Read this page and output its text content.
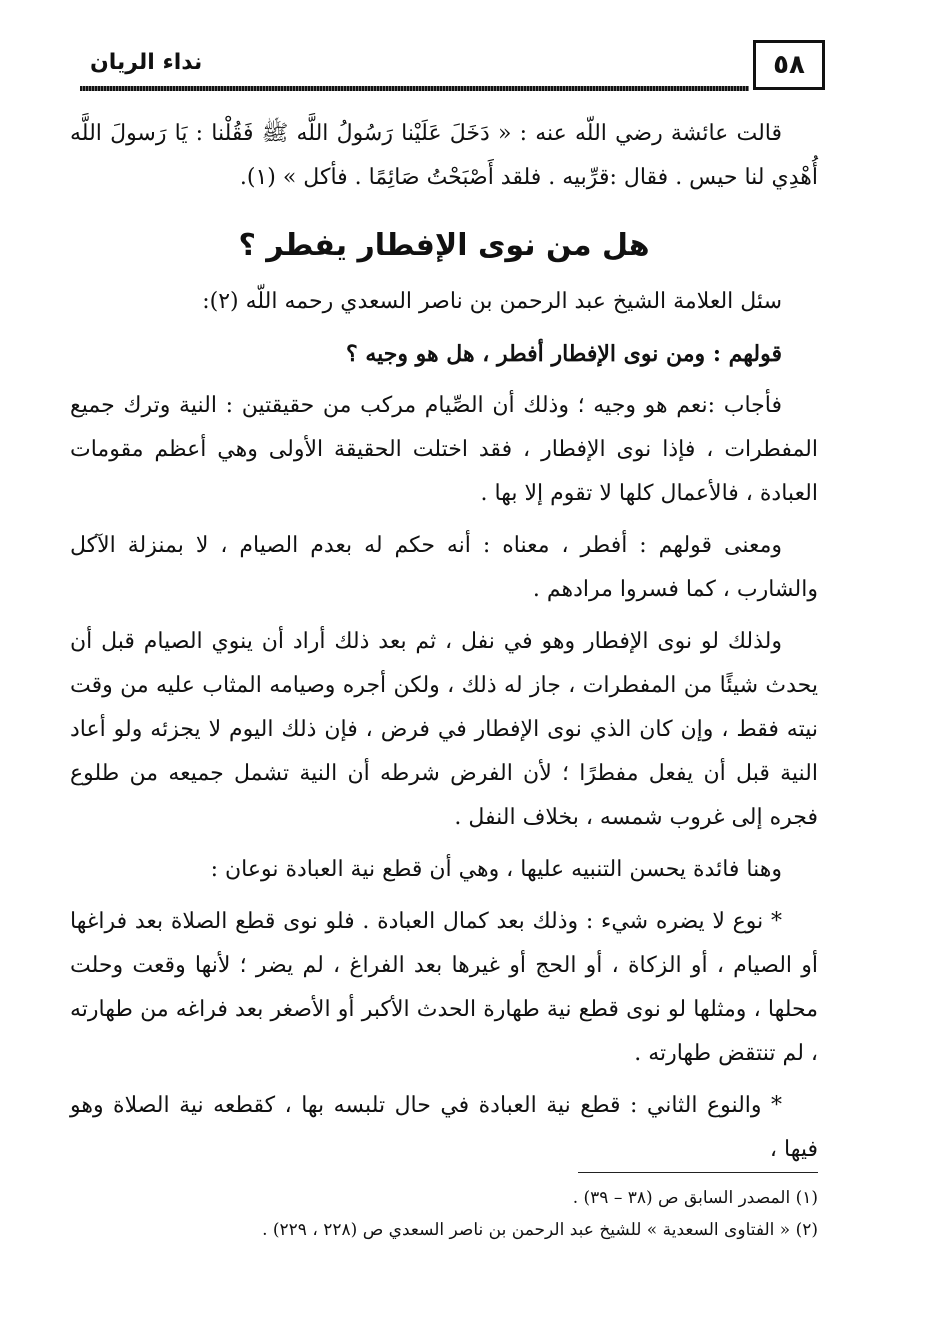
٥٨
نداء الريان

قالت عائشة رضي اللّه عنه : « دَخَلَ عَلَيْنا رَسُولُ اللَّه ﷺ فَقُلْنا : يَا رَسولَ اللَّه أُهْدِي لنا حيس . فقال :قرِّبيه . فلقد أَصْبَحْتُ صَائِمًا . فأكل » (١).

هل من نوى الإفطار يفطر ؟

سئل العلامة الشيخ عبد الرحمن بن ناصر السعدي رحمه اللّه (٢):

قولهم : ومن نوى الإفطار أفطر ، هل هو وجيه ؟

فأجاب :نعم هو وجيه ؛ وذلك أن الصِّيام مركب من حقيقتين : النية وترك جميع المفطرات ، فإذا نوى الإفطار ، فقد اختلت الحقيقة الأولى وهي أعظم مقومات العبادة ، فالأعمال كلها لا تقوم إلا بها .

ومعنى قولهم : أفطر ، معناه : أنه حكم له بعدم الصيام ، لا بمنزلة الآكل والشارب ، كما فسروا مرادهم .

ولذلك لو نوى الإفطار وهو في نفل ، ثم بعد ذلك أراد أن ينوي الصيام قبل أن يحدث شيئًا من المفطرات ، جاز له ذلك ، ولكن أجره وصيامه المثاب عليه من وقت نيته فقط ، وإن كان الذي نوى الإفطار في فرض ، فإن ذلك اليوم لا يجزئه ولو أعاد النية قبل أن يفعل مفطرًا ؛ لأن الفرض شرطه أن النية تشمل جميعه من طلوع فجره إلى غروب شمسه ، بخلاف النفل .

وهنا فائدة يحسن التنبيه عليها ، وهي أن قطع نية العبادة نوعان :

* نوع لا يضره شيء : وذلك بعد كمال العبادة . فلو نوى قطع الصلاة بعد فراغها أو الصيام ، أو الزكاة ، أو الحج أو غيرها بعد الفراغ ، لم يضر ؛ لأنها وقعت وحلت محلها ، ومثلها لو نوى قطع نية طهارة الحدث الأكبر أو الأصغر بعد فراغه من طهارته ، لم تنتقض طهارته .

* والنوع الثاني : قطع نية العبادة في حال تلبسه بها ، كقطعه نية الصلاة وهو فيها ،

(١) المصدر السابق ص (٣٨ – ٣٩) .

(٢) « الفتاوى السعدية » للشيخ عبد الرحمن بن ناصر السعدي ص (٢٢٨ ، ٢٢٩) .
